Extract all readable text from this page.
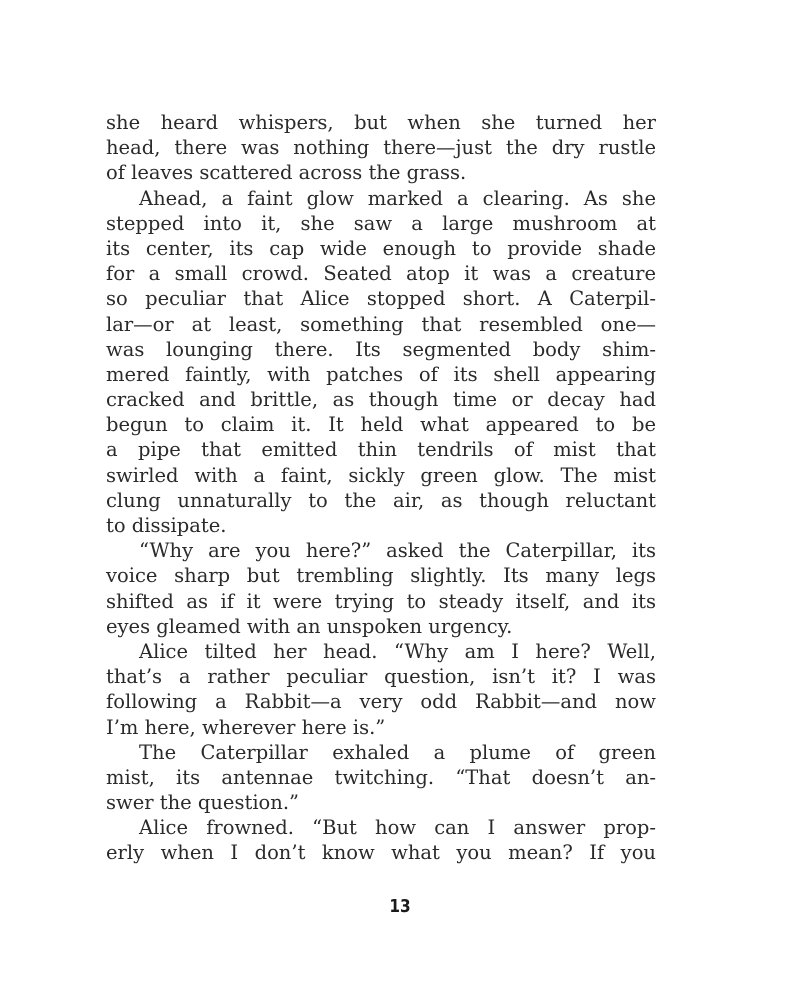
she heard whispers, but when she turned her
head, there was nothing there—just the dry rustle
of leaves scattered across the grass.
Ahead, a faint glow marked a clearing. As she
stepped into it, she saw a large mushroom at
its center, its cap wide enough to provide shade
for a small crowd. Seated atop it was a creature
so peculiar that Alice stopped short. A Caterpil-
lar—or at least, something that resembled one—
was lounging there. Its segmented body shim-
mered faintly, with patches of its shell appearing
cracked and brittle, as though time or decay had
begun to claim it. It held what appeared to be
a pipe that emitted thin tendrils of mist that
swirled with a faint, sickly green glow. The mist
clung unnaturally to the air, as though reluctant
to dissipate.
“Why are you here?” asked the Caterpillar, its
voice sharp but trembling slightly. Its many legs
shifted as if it were trying to steady itself, and its
eyes gleamed with an unspoken urgency.
Alice tilted her head. “Why am I here? Well,
that’s a rather peculiar question, isn’t it? I was
following a Rabbit—a very odd Rabbit—and now
I’m here, wherever here is.”
The Caterpillar exhaled a plume of green
mist, its antennae twitching. “That doesn’t an-
swer the question.”
Alice frowned. “But how can I answer prop-
erly when I don’t know what you mean? If you
13
